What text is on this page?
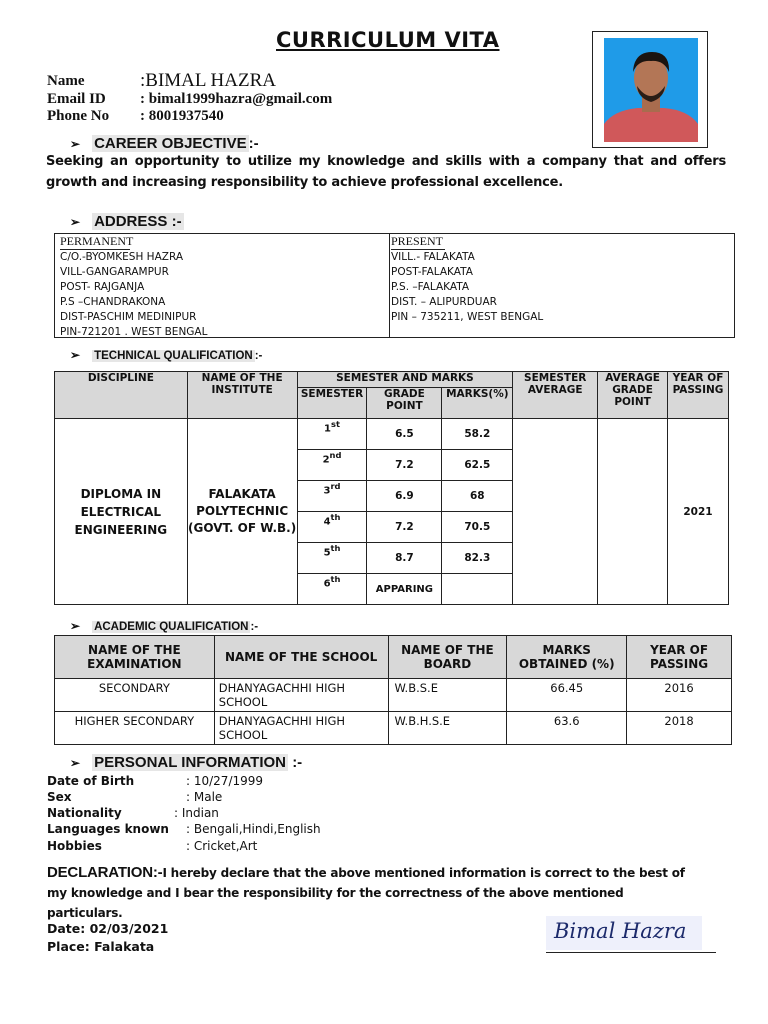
CURRICULUM VITA
Name	:BIMAL HAZRA
Email ID : bimal1999hazra@gmail.com
Phone No : 8001937540
➢ CAREER OBJECTIVE :-
Seeking an opportunity to utilize my knowledge and skills with a company that and offers growth and increasing responsibility to achieve professional excellence.
➢ ADDRESS :-
PERMANENT
C/O.-BYOMKESH HAZRA
VILL-GANGARAMPUR
POST- RAJGANJA
P.S –CHANDRAKONA
DIST-PASCHIM MEDINIPUR
PIN-721201 . WEST BENGAL
PRESENT
VILL.- FALAKATA
POST-FALAKATA
P.S. –FALAKATA
DIST. – ALIPURDUAR
PIN – 735211, WEST BENGAL
➢ TECHNICAL QUALIFICATION :-
DISCIPLINE	NAME OF THE INSTITUTE	SEMESTER AND MARKS			SEMESTER AVERAGE	AVERAGE GRADE POINT	YEAR OF PASSING
		SEMESTER	GRADE POINT	MARKS(%)			
DIPLOMA IN ELECTRICAL ENGINEERING	FALAKATA POLYTECHNIC (GOVT. OF W.B.)	1st	6.5	58.2			2021
		2nd	7.2	62.5			
		3rd	6.9	68			
		4th	7.2	70.5			
		5th	8.7	82.3			
		6th	APPARING				
➢ ACADEMIC QUALIFICATION :-
NAME OF THE EXAMINATION	NAME OF THE SCHOOL	NAME OF THE BOARD	MARKS OBTAINED (%)	YEAR OF PASSING
SECONDARY	DHANYAGACHHI HIGH SCHOOL	W.B.S.E	66.45	2016
HIGHER SECONDARY	DHANYAGACHHI HIGH SCHOOL	W.B.H.S.E	63.6	2018
➢ PERSONAL INFORMATION :-
Date of Birth	: 10/27/1999
Sex	: Male
Nationality	: Indian
Languages known : Bengali,Hindi,English
Hobbies	: Cricket,Art
DECLARATION:-I hereby declare that the above mentioned information is correct to the best of my knowledge and I bear the responsibility for the correctness of the above mentioned particulars.
Date: 02/03/2021
Place: Falakata
Bimal Hazra
